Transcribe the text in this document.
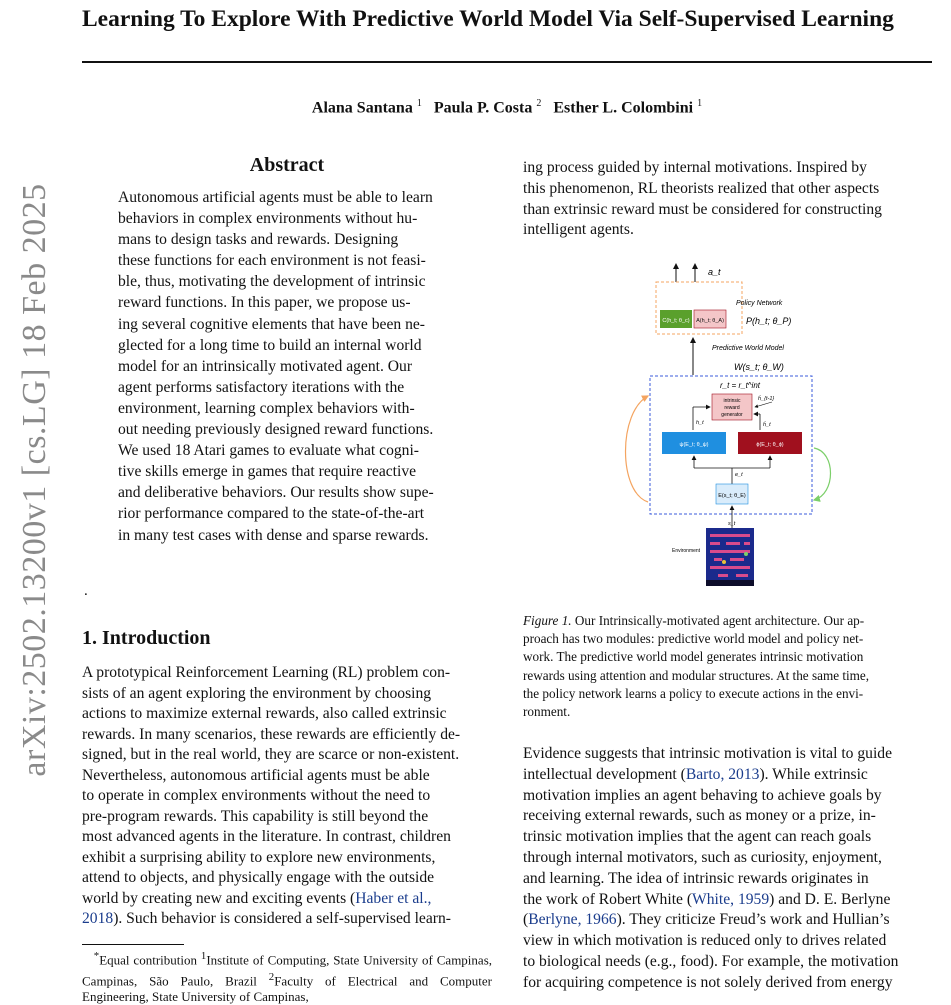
arXiv:2502.13200v1 [cs.LG] 18 Feb 2025
Learning To Explore With Predictive World Model Via Self-Supervised Learning
Alana Santana $^1$ Paula P. Costa $^2$ Esther L. Colombini $^1$
Abstract
Autonomous artificial agents must be able to learn
behaviors in complex environments without hu-
mans to design tasks and rewards. Designing
these functions for each environment is not feasi-
ble, thus, motivating the development of intrinsic
reward functions. In this paper, we propose us-
ing several cognitive elements that have been ne-
glected for a long time to build an internal world
model for an intrinsically motivated agent. Our
agent performs satisfactory iterations with the
environment, learning complex behaviors with-
out needing previously designed reward functions.
We used 18 Atari games to evaluate what cogni-
tive skills emerge in games that require reactive
and deliberative behaviors. Our results show supe-
rior performance compared to the state-of-the-art
in many test cases with dense and sparse rewards.
.
1. Introduction
A prototypical Reinforcement Learning (RL) problem con-
sists of an agent exploring the environment by choosing
actions to maximize external rewards, also called extrinsic
rewards. In many scenarios, these rewards are efficiently de-
signed, but in the real world, they are scarce or non-existent.
Nevertheless, autonomous artificial agents must be able
to operate in complex environments without the need to
pre-program rewards. This capability is still beyond the
most advanced agents in the literature. In contrast, children
exhibit a surprising ability to explore new environments,
attend to objects, and physically engage with the outside
world by creating new and exciting events (Haber et al.,
2018). Such behavior is considered a self-supervised learn-
*Equal contribution $^1$Institute of Computing, State University of Campinas, Campinas, São Paulo, Brazil $^2$Faculty of Electrical and Computer Engineering, State University of Campinas,
ing process guided by internal motivations. Inspired by
this phenomenon, RL theorists realized that other aspects
than extrinsic reward must be considered for constructing
intelligent agents.
a_t
C(h_t; θ_c) A(h_t; θ_A)
Policy Network
P(h_t; θ_P)
Predictive World Model
W(s_t; θ_W)
r_t = r_t^int
intrinsic
reward
generator
ĥ_{t-1}
h_t	ĥ_t
ψ(E_t; θ_ψ)	ϕ(E_t; θ_ϕ)
e_t
E(s_t; θ_E)
s_t
Environment
Figure 1. Our Intrinsically-motivated agent architecture. Our ap-
proach has two modules: predictive world model and policy net-
work. The predictive world model generates intrinsic motivation
rewards using attention and modular structures. At the same time,
the policy network learns a policy to execute actions in the envi-
ronment.
Evidence suggests that intrinsic motivation is vital to guide
intellectual development (Barto, 2013). While extrinsic
motivation implies an agent behaving to achieve goals by
receiving external rewards, such as money or a prize, in-
trinsic motivation implies that the agent can reach goals
through internal motivators, such as curiosity, enjoyment,
and learning. The idea of intrinsic rewards originates in
the work of Robert White (White, 1959) and D. E. Berlyne
(Berlyne, 1966). They criticize Freud’s work and Hullian’s
view in which motivation is reduced only to drives related
to biological needs (e.g., food). For example, the motivation
for acquiring competence is not solely derived from energy
